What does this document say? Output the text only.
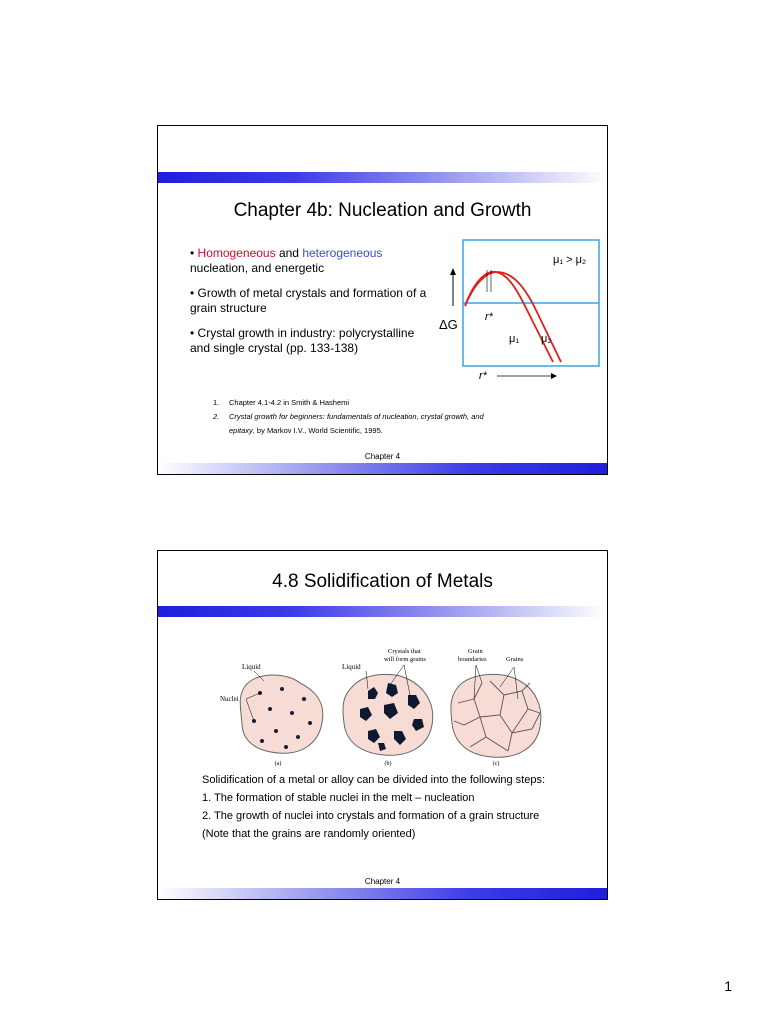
Chapter 4b: Nucleation and Growth

• Homogeneous and heterogeneous
nucleation, and energetic

• Growth of metal crystals and formation of a grain structure

• Crystal growth in industry: polycrystalline and single crystal (pp. 133-138)

ΔG
μ₁ > μ₂
r*
μ₁ μ₂
r*
1.	Chapter 4.1-4.2 in Smith & Hashemi
2.	Crystal growth for beginners: fundamentals of nucleation, crystal growth, and
epitaxy, by Markov I.V., World Scientific, 1995.
Chapter 4
4.8 Solidification of Metals
Liquid
Nuclei
(a)
Liquid
Crystals that
will form grains
(b)
Grain
boundaries	Grains
(c)
Solidification of a metal or alloy can be divided into the following steps:
1. The formation of stable nuclei in the melt – nucleation
2. The growth of nuclei into crystals and formation of a grain structure
(Note that the grains are randomly oriented)
Chapter 4
1
